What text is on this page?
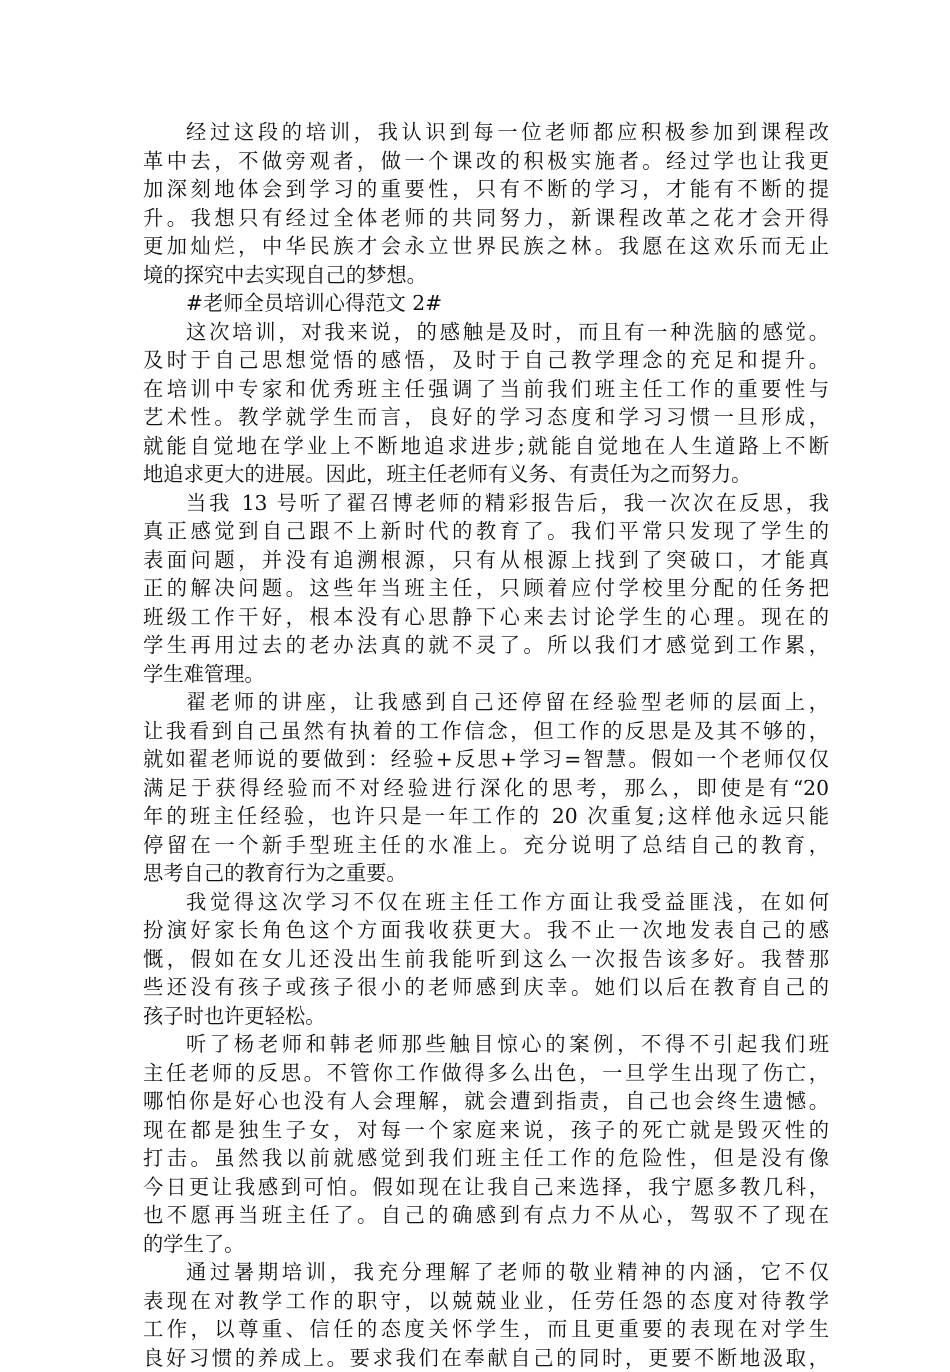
经过这段的培训，我认识到每一位老师都应积极参加到课程改
革中去，不做旁观者，做一个课改的积极实施者。经过学也让我更
加深刻地体会到学习的重要性，只有不断的学习，才能有不断的提
升。我想只有经过全体老师的共同努力，新课程改革之花才会开得
更加灿烂，中华民族才会永立世界民族之林。我愿在这欢乐而无止
境的探究中去实现自己的梦想。
#老师全员培训心得范文 2#
这次培训，对我来说，的感触是及时，而且有一种洗脑的感觉。
及时于自己思想觉悟的感悟，及时于自己教学理念的充足和提升。
在培训中专家和优秀班主任强调了当前我们班主任工作的重要性与
艺术性。教学就学生而言，良好的学习态度和学习习惯一旦形成，
就能自觉地在学业上不断地追求进步;就能自觉地在人生道路上不断
地追求更大的进展。因此，班主任老师有义务、有责任为之而努力。
当我 13 号听了翟召博老师的精彩报告后，我一次次在反思，我
真正感觉到自己跟不上新时代的教育了。我们平常只发现了学生的
表面问题，并没有追溯根源，只有从根源上找到了突破口，才能真
正的解决问题。这些年当班主任，只顾着应付学校里分配的任务把
班级工作干好，根本没有心思静下心来去讨论学生的心理。现在的
学生再用过去的老办法真的就不灵了。所以我们才感觉到工作累，
学生难管理。
翟老师的讲座，让我感到自己还停留在经验型老师的层面上，
让我看到自己虽然有执着的工作信念，但工作的反思是及其不够的，
就如翟老师说的要做到：经验+反思+学习=智慧。假如一个老师仅仅
满足于获得经验而不对经验进行深化的思考，那么，即使是有“20
年的班主任经验，也许只是一年工作的 20 次重复;这样他永远只能
停留在一个新手型班主任的水准上。充分说明了总结自己的教育，
思考自己的教育行为之重要。
我觉得这次学习不仅在班主任工作方面让我受益匪浅，在如何
扮演好家长角色这个方面我收获更大。我不止一次地发表自己的感
慨，假如在女儿还没出生前我能听到这么一次报告该多好。我替那
些还没有孩子或孩子很小的老师感到庆幸。她们以后在教育自己的
孩子时也许更轻松。
听了杨老师和韩老师那些触目惊心的案例，不得不引起我们班
主任老师的反思。不管你工作做得多么出色，一旦学生出现了伤亡，
哪怕你是好心也没有人会理解，就会遭到指责，自己也会终生遗憾。
现在都是独生子女，对每一个家庭来说，孩子的死亡就是毁灭性的
打击。虽然我以前就感觉到我们班主任工作的危险性，但是没有像
今日更让我感到可怕。假如现在让我自己来选择，我宁愿多教几科，
也不愿再当班主任了。自己的确感到有点力不从心，驾驭不了现在
的学生了。
通过暑期培训，我充分理解了老师的敬业精神的内涵，它不仅
表现在对教学工作的职守，以兢兢业业，任劳任怨的态度对待教学
工作，以尊重、信任的态度关怀学生，而且更重要的表现在对学生
良好习惯的养成上。要求我们在奉献自己的同时，更要不断地汲取，
